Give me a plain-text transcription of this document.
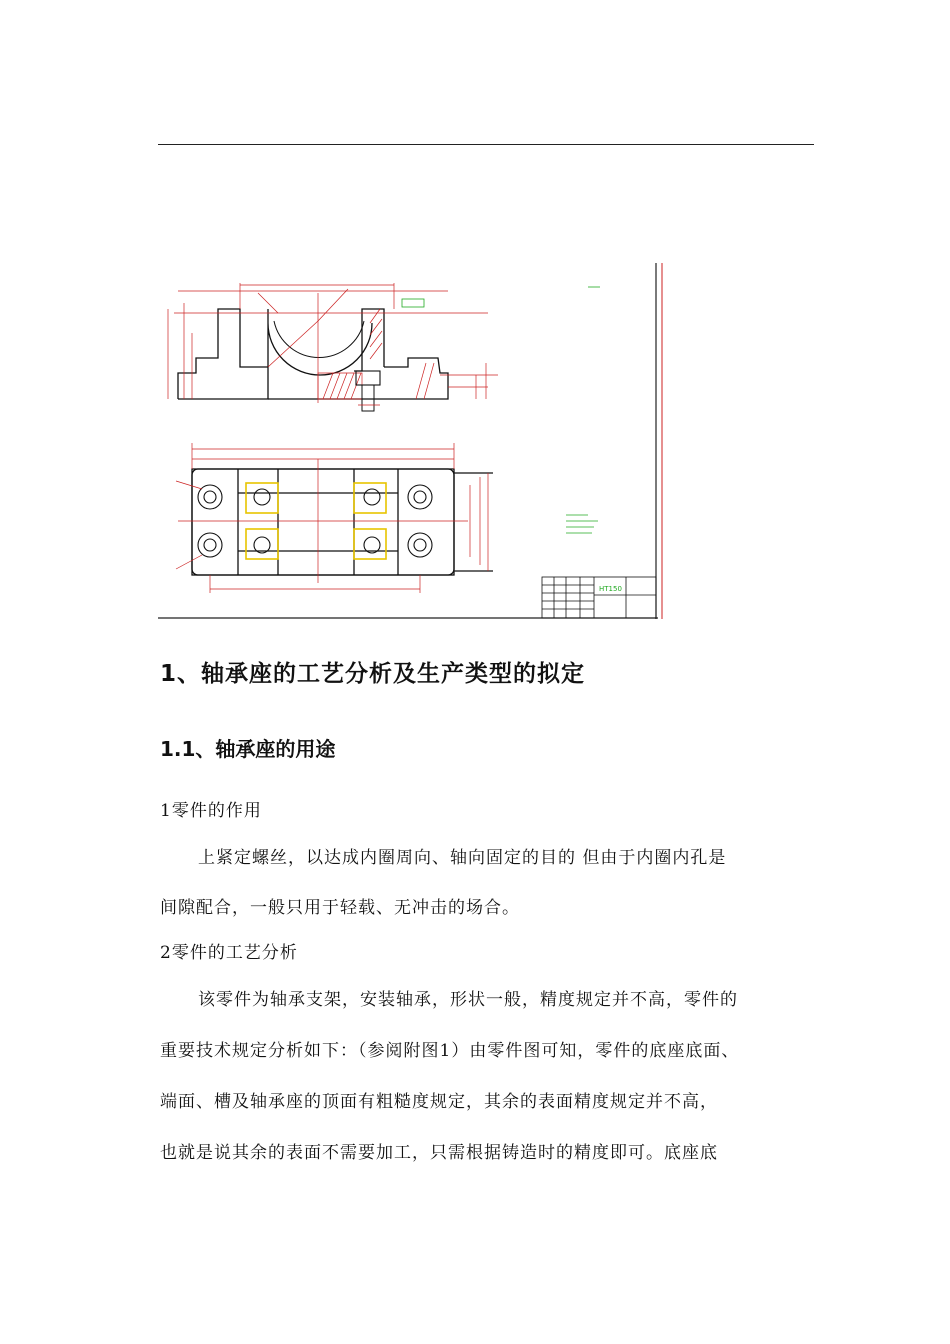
HT150
1、轴承座的工艺分析及生产类型的拟定
1.1、轴承座的用途
1零件的作用
上紧定螺丝，以达成内圈周向、轴向固定的目的 但由于内圈内孔是
间隙配合，一般只用于轻载、无冲击的场合。
2零件的工艺分析
该零件为轴承支架，安装轴承，形状一般，精度规定并不高，零件的
重要技术规定分析如下：（参阅附图1）由零件图可知，零件的底座底面、
端面、槽及轴承座的顶面有粗糙度规定，其余的表面精度规定并不高，
也就是说其余的表面不需要加工，只需根据铸造时的精度即可。底座底
